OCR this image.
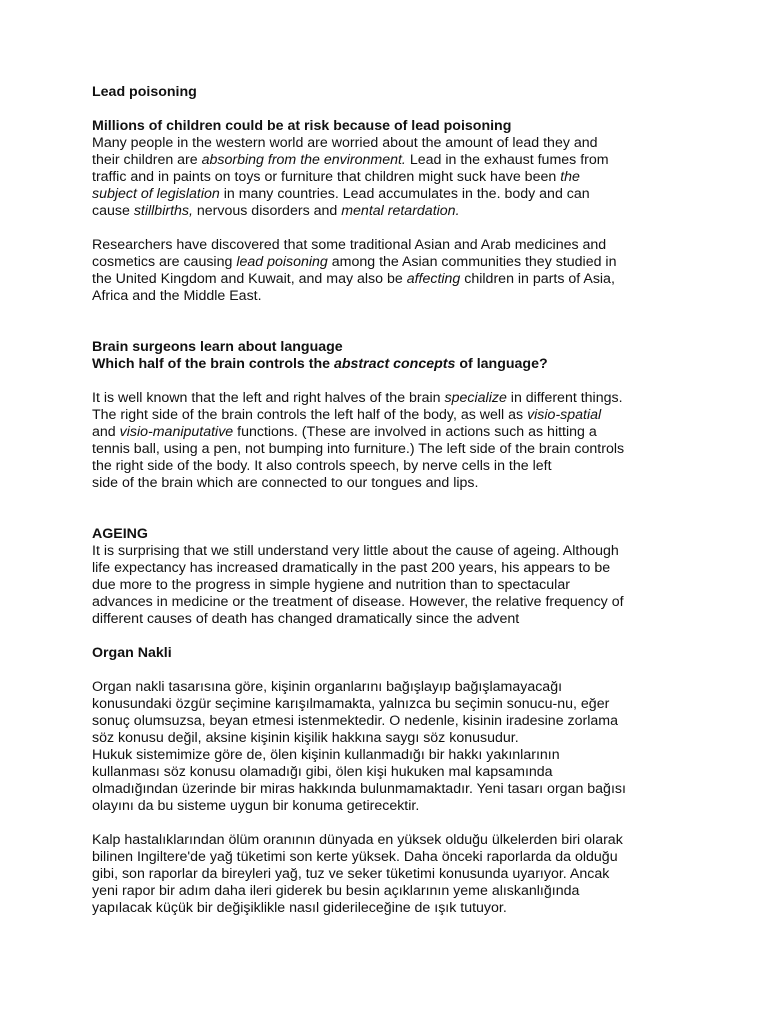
Lead poisoning
Millions of children could be at risk because of lead poisoning
Many people in the western world are worried about the amount of lead they and
their children are absorbing from the environment. Lead in the exhaust fumes from
traffic and in paints on toys or furniture that children might suck have been the
subject of legislation in many countries. Lead accumulates in the. body and can
cause stillbirths, nervous disorders and mental retardation.
Researchers have discovered that some traditional Asian and Arab medicines and
cosmetics are causing lead poisoning among the Asian communities they studied in
the United Kingdom and Kuwait, and may also be affecting children in parts of Asia,
Africa and the Middle East.
Brain surgeons learn about language
Which half of the brain controls the abstract concepts of language?
It is well known that the left and right halves of the brain specialize in different things.
The right side of the brain controls the left half of the body, as well as visio-spatial
and visio-maniputative functions. (These are involved in actions such as hitting a
tennis ball, using a pen, not bumping into furniture.) The left side of the brain controls
the right side of the body. It also controls speech, by nerve cells in the left
side of the brain which are connected to our tongues and lips.
AGEING
It is surprising that we still understand very little about the cause of ageing. Although
life expectancy has increased dramatically in the past 200 years, his appears to be
due more to the progress in simple hygiene and nutrition than to spectacular
advances in medicine or the treatment of disease. However, the relative frequency of
different causes of death has changed dramatically since the advent
Organ Nakli
Organ nakli tasarısına göre, kişinin organlarını bağışlayıp bağışlamayacağı
konusundaki özgür seçimine karışılmamakta, yalnızca bu seçimin sonucu-nu, eğer
sonuç olumsuzsa, beyan etmesi istenmektedir. O nedenle, kisinin iradesine zorlama
söz konusu değil, aksine kişinin kişilik hakkına saygı söz konusudur.
Hukuk sistemimize göre de, ölen kişinin kullanmadığı bir hakkı yakınlarının
kullanması söz konusu olamadığı gibi, ölen kişi hukuken mal kapsamında
olmadığından üzerinde bir miras hakkında bulunmamaktadır. Yeni tasarı organ bağısı
olayını da bu sisteme uygun bir konuma getirecektir.
Kalp hastalıklarından ölüm oranının dünyada en yüksek olduğu ülkelerden biri olarak
bilinen Ingiltere'de yağ tüketimi son kerte yüksek. Daha önceki raporlarda da olduğu
gibi, son raporlar da bireyleri yağ, tuz ve seker tüketimi konusunda uyarıyor. Ancak
yeni rapor bir adım daha ileri giderek bu besin açıklarının yeme alıskanlığında
yapılacak küçük bir değişiklikle nasıl giderileceğine de ışık tutuyor.
